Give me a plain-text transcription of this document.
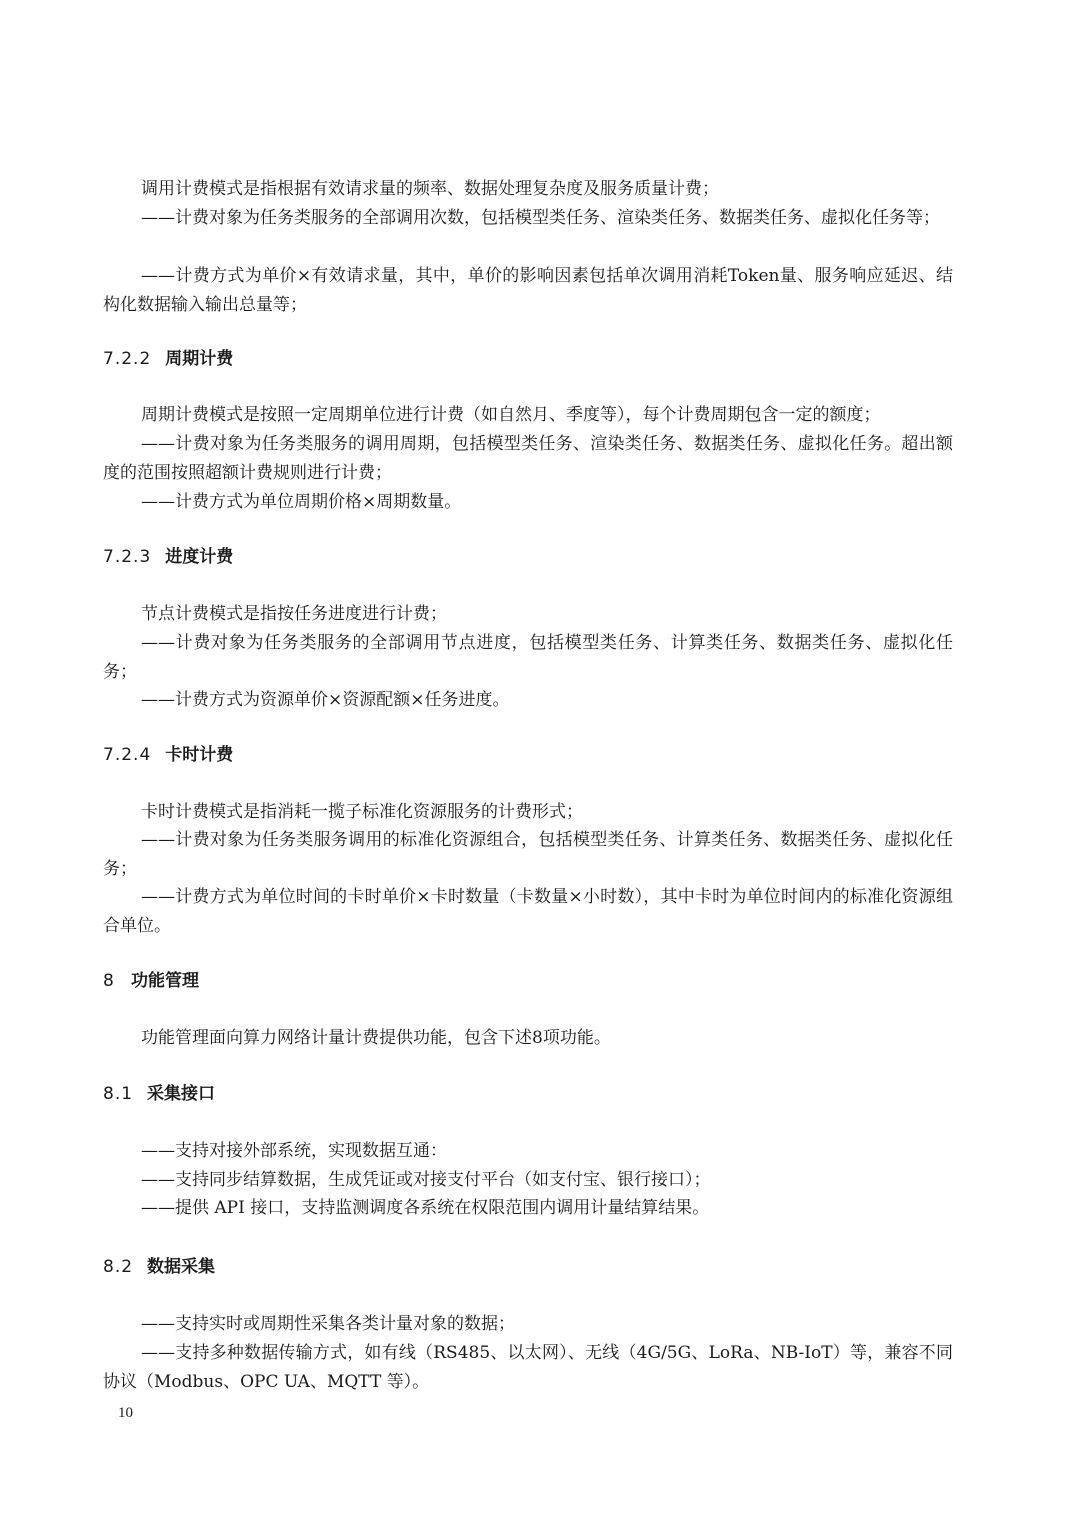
调用计费模式是指根据有效请求量的频率、数据处理复杂度及服务质量计费；

——计费对象为任务类服务的全部调用次数，包括模型类任务、渲染类任务、数据类任务、虚拟化任务等；

——计费方式为单价×有效请求量，其中，单价的影响因素包括单次调用消耗Token量、服务响应延迟、结构化数据输入输出总量等；

7.2.2 周期计费

周期计费模式是按照一定周期单位进行计费（如自然月、季度等），每个计费周期包含一定的额度；

——计费对象为任务类服务的调用周期，包括模型类任务、渲染类任务、数据类任务、虚拟化任务。超出额度的范围按照超额计费规则进行计费；

——计费方式为单位周期价格×周期数量。

7.2.3 进度计费

节点计费模式是指按任务进度进行计费；

——计费对象为任务类服务的全部调用节点进度，包括模型类任务、计算类任务、数据类任务、虚拟化任务；

——计费方式为资源单价×资源配额×任务进度。

7.2.4 卡时计费

卡时计费模式是指消耗一揽子标准化资源服务的计费形式；

——计费对象为任务类服务调用的标准化资源组合，包括模型类任务、计算类任务、数据类任务、虚拟化任务；

——计费方式为单位时间的卡时单价×卡时数量（卡数量×小时数），其中卡时为单位时间内的标准化资源组合单位。

8 功能管理

功能管理面向算力网络计量计费提供功能，包含下述8项功能。

8.1 采集接口

——支持对接外部系统，实现数据互通：

——支持同步结算数据，生成凭证或对接支付平台（如支付宝、银行接口）；

——提供 API 接口，支持监测调度各系统在权限范围内调用计量结算结果。

8.2 数据采集

——支持实时或周期性采集各类计量对象的数据；

——支持多种数据传输方式，如有线（RS485、以太网）、无线（4G/5G、LoRa、NB-IoT）等，兼容不同协议（Modbus、OPC UA、MQTT 等）。

10
